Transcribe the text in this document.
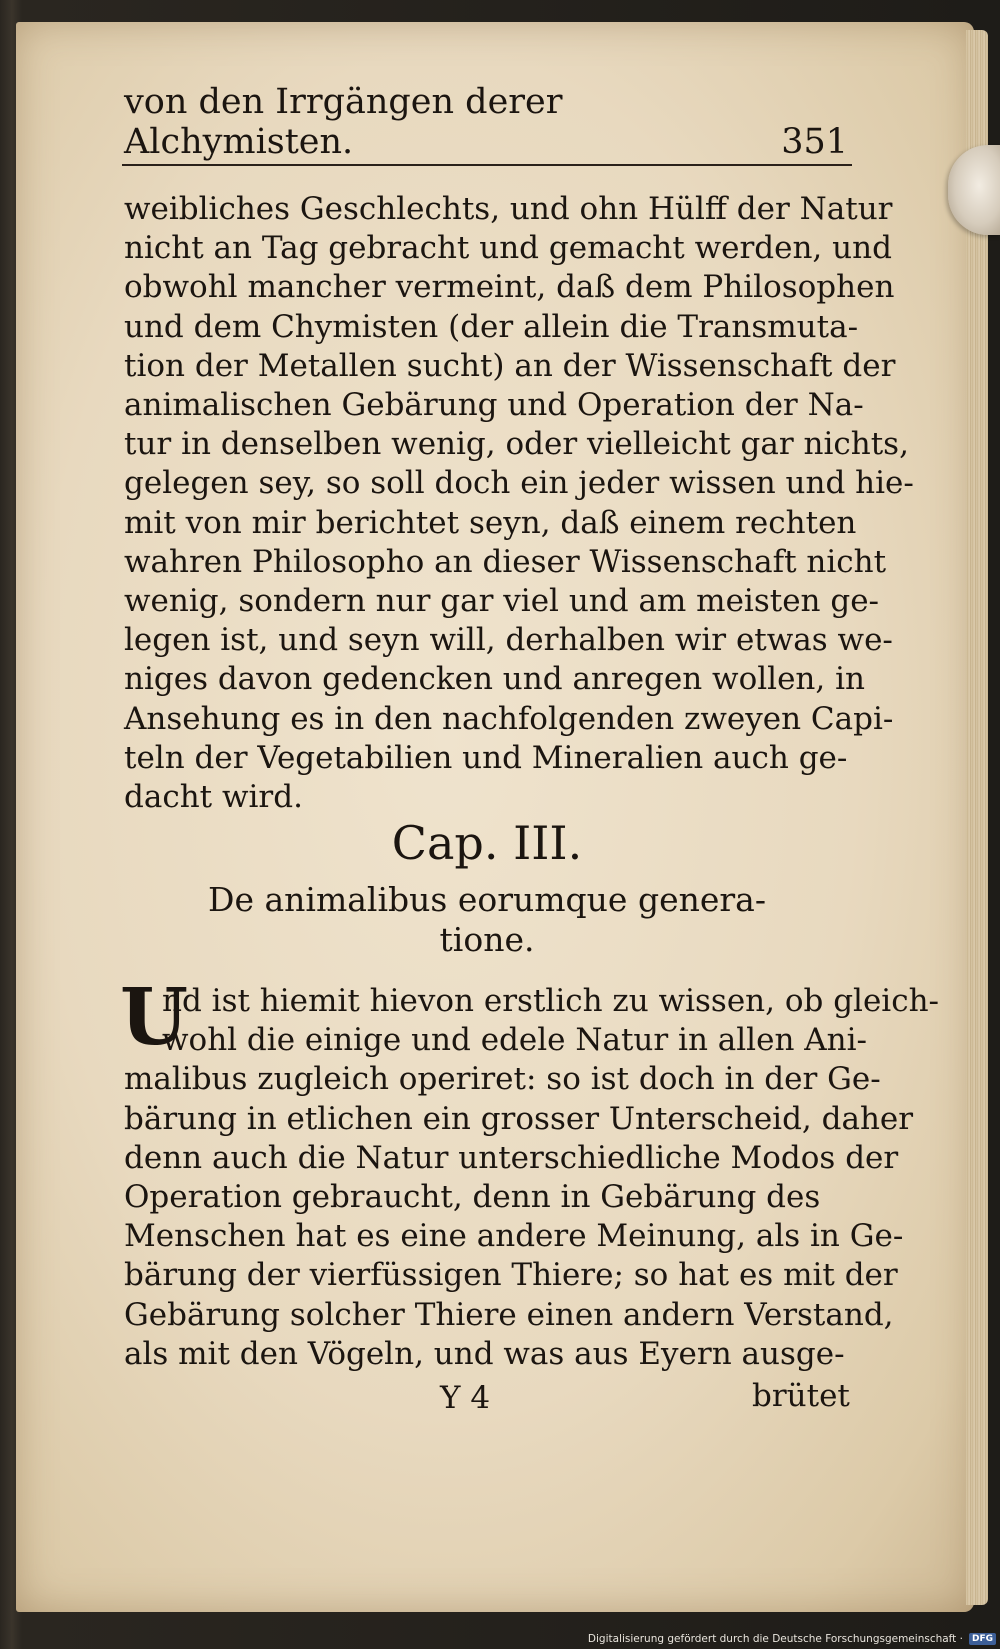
von den Irrgängen derer Alchymisten.	351
weibliches Geschlechts, und ohn Hülff der Natur
nicht an Tag gebracht und gemacht werden, und
obwohl mancher vermeint, daß dem Philosophen
und dem Chymisten (der allein die Transmuta-
tion der Metallen sucht) an der Wissenschaft der
animalischen Gebärung und Operation der Na-
tur in denselben wenig, oder vielleicht gar nichts,
gelegen sey, so soll doch ein jeder wissen und hie-
mit von mir berichtet seyn, daß einem rechten
wahren Philosopho an dieser Wissenschaft nicht
wenig, sondern nur gar viel und am meisten ge-
legen ist, und seyn will, derhalben wir etwas we-
niges davon gedencken und anregen wollen, in
Ansehung es in den nachfolgenden zweyen Capi-
teln der Vegetabilien und Mineralien auch ge-
dacht wird.
Cap. III.
De animalibus eorumque genera-
tione.
U
nd ist hiemit hievon erstlich zu wissen, ob gleich-
wohl die einige und edele Natur in allen Ani-
malibus zugleich operiret: so ist doch in der Ge-
bärung in etlichen ein grosser Unterscheid, daher
denn auch die Natur unterschiedliche Modos der
Operation gebraucht, denn in Gebärung des
Menschen hat es eine andere Meinung, als in Ge-
bärung der vierfüssigen Thiere; so hat es mit der
Gebärung solcher Thiere einen andern Verstand,
als mit den Vögeln, und was aus Eyern ausge-
Y 4	brütet
Digitalisierung gefördert durch die Deutsche Forschungsgemeinschaft ·	DFG
